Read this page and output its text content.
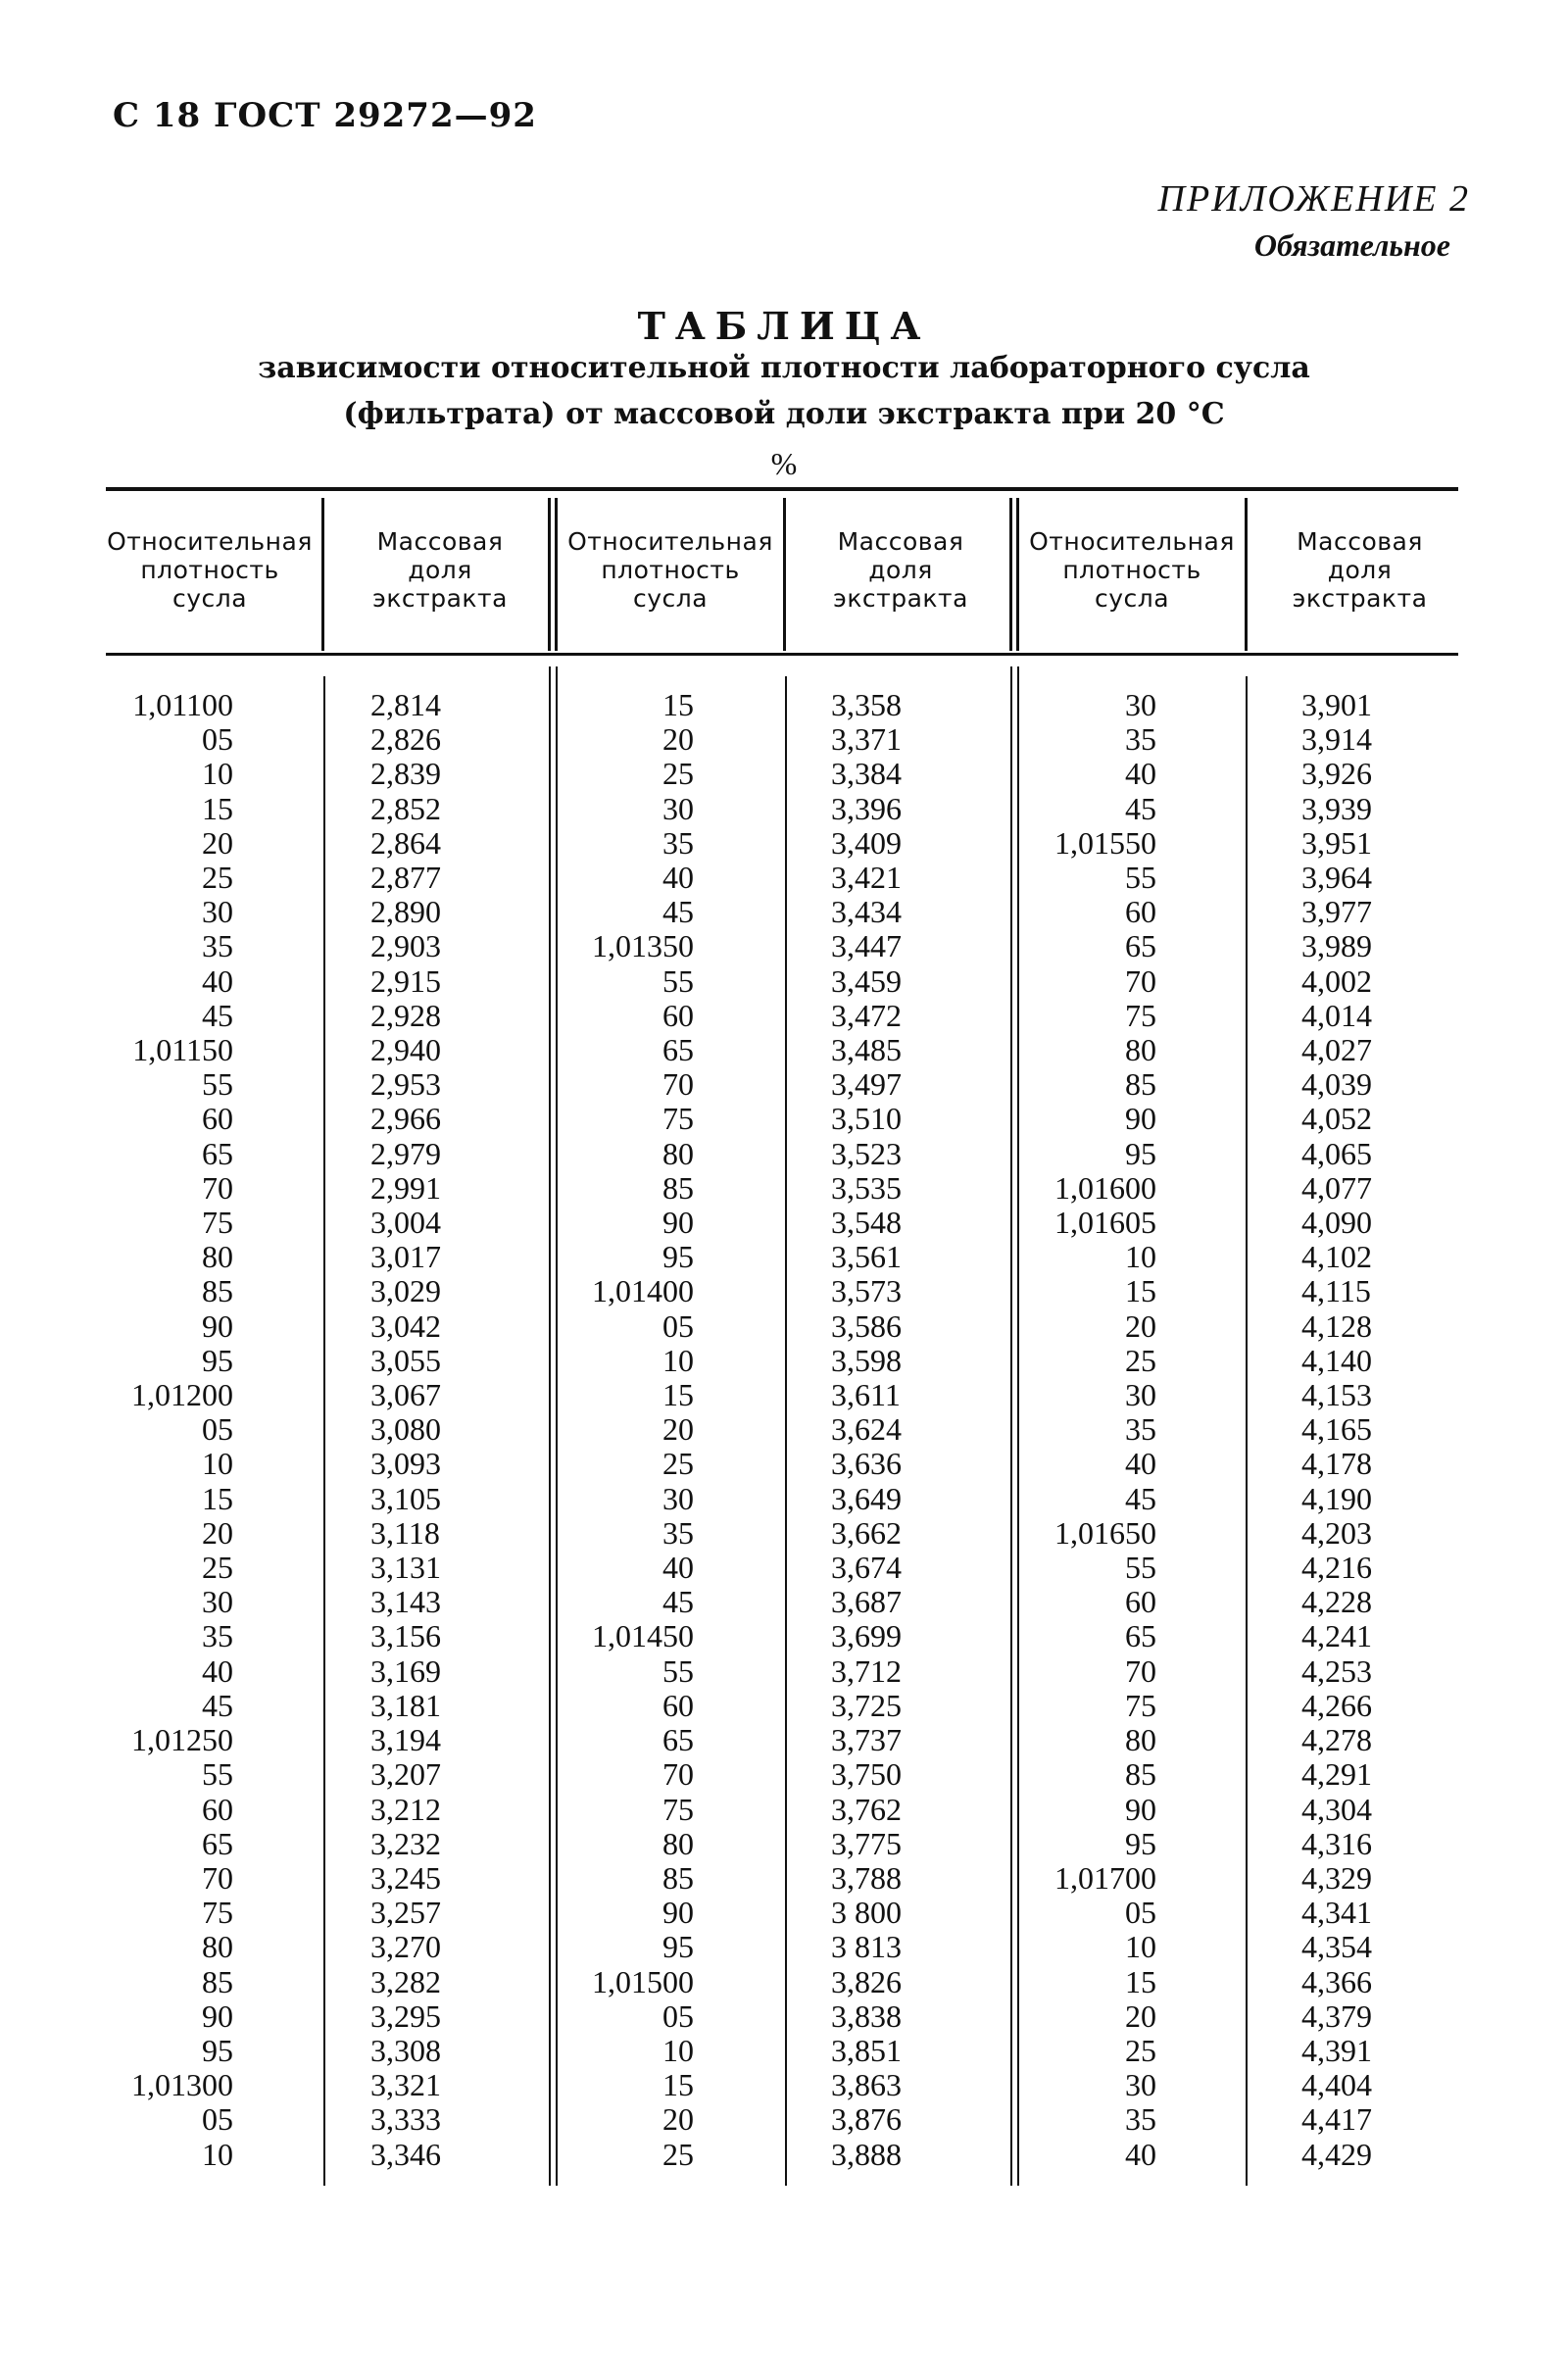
С 18 ГОСТ 29272—92
ПРИЛОЖЕНИЕ 2
Обязательное
ТАБЛИЦА
зависимости относительной плотности лабораторного сусла
(фильтрата) от массовой доли экстракта при 20 °С
%
Относительная
плотность
сусла
Массовая
доля
экстракта
Относительная
плотность
сусла
Массовая
доля
экстракта
Относительная
плотность
сусла
Массовая
доля
экстракта
1,01100
05
10
15
20
25
30
35
40
45
1,01150
55
60
65
70
75
80
85
90
95
1,01200
05
10
15
20
25
30
35
40
45
1,01250
55
60
65
70
75
80
85
90
95
1,01300
05
10
2,814
2,826
2,839
2,852
2,864
2,877
2,890
2,903
2,915
2,928
2,940
2,953
2,966
2,979
2,991
3,004
3,017
3,029
3,042
3,055
3,067
3,080
3,093
3,105
3,118
3,131
3,143
3,156
3,169
3,181
3,194
3,207
3,212
3,232
3,245
3,257
3,270
3,282
3,295
3,308
3,321
3,333
3,346
15
20
25
30
35
40
45
1,01350
55
60
65
70
75
80
85
90
95
1,01400
05
10
15
20
25
30
35
40
45
1,01450
55
60
65
70
75
80
85
90
95
1,01500
05
10
15
20
25
3,358
3,371
3,384
3,396
3,409
3,421
3,434
3,447
3,459
3,472
3,485
3,497
3,510
3,523
3,535
3,548
3,561
3,573
3,586
3,598
3,611
3,624
3,636
3,649
3,662
3,674
3,687
3,699
3,712
3,725
3,737
3,750
3,762
3,775
3,788
3 800
3 813
3,826
3,838
3,851
3,863
3,876
3,888
30
35
40
45
1,01550
55
60
65
70
75
80
85
90
95
1,01600
1,01605
10
15
20
25
30
35
40
45
1,01650
55
60
65
70
75
80
85
90
95
1,01700
05
10
15
20
25
30
35
40
3,901
3,914
3,926
3,939
3,951
3,964
3,977
3,989
4,002
4,014
4,027
4,039
4,052
4,065
4,077
4,090
4,102
4,115
4,128
4,140
4,153
4,165
4,178
4,190
4,203
4,216
4,228
4,241
4,253
4,266
4,278
4,291
4,304
4,316
4,329
4,341
4,354
4,366
4,379
4,391
4,404
4,417
4,429
